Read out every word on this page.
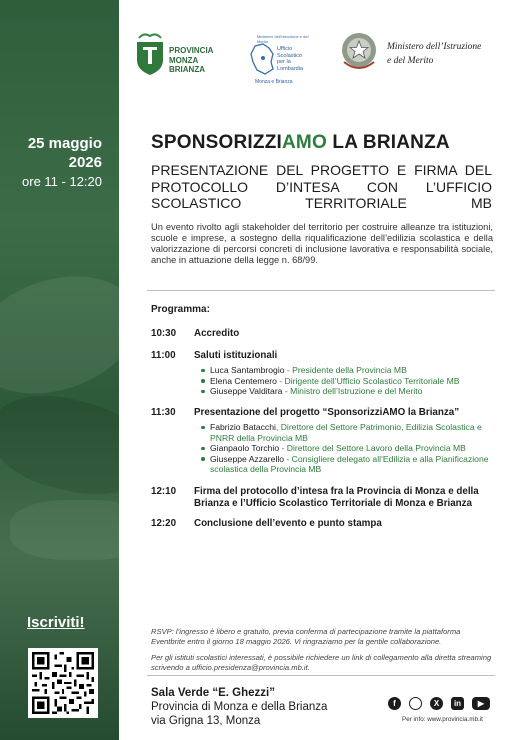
25 maggio
2026
ore 11 - 12:20
Iscriviti!
PROVINCIA
MONZA
BRIANZA
Ministero dell'Istruzione e del Merito
Ufficio
Scolastico
per la
Lombardia
Monza e Brianza
Ministero dell’Istruzione
e del Merito
SPONSORIZZIAMO LA BRIANZA
PRESENTAZIONE DEL PROGETTO E FIRMA DEL
PROTOCOLLO D’INTESA CON L’UFFICIO
SCOLASTICO TERRITORIALE MB
Un evento rivolto agli stakeholder del territorio per costruire alleanze tra istituzioni, scuole e imprese, a sostegno della riqualificazione dell’edilizia scolastica e della valorizzazione di percorsi concreti di inclusione lavorativa e responsabilità sociale, anche in attuazione della legge n. 68/99.
Programma:
10:30 Accredito
11:00 Saluti istituzionali
Luca Santambrogio - Presidente della Provincia MB
Elena Centemero - Dirigente dell’Ufficio Scolastico Territoriale MB
Giuseppe Valditara - Ministro dell’Istruzione e del Merito
11:30 Presentazione del progetto “SponsorizziAMO la Brianza”
Fabrizio Batacchi, Direttore del Settore Patrimonio, Edilizia Scolastica e PNRR della Provincia MB
Gianpaolo Torchio - Direttore del Settore Lavoro della Provincia MB
Giuseppe Azzarello - Consigliere delegato all’Edilizia e alla Pianificazione scolastica della Provincia MB
12:10 Firma del protocollo d’intesa fra la Provincia di Monza e della Brianza e l’Ufficio Scolastico Territoriale di Monza e Brianza
12:20 Conclusione dell’evento e punto stampa

RSVP: l’ingresso è libero e gratuito, previa conferma di partecipazione tramite la piattaforma Eventbrite entro il giorno 18 maggio 2026. Vi ringraziamo per la gentile collaborazione.

Per gli istituti scolastici interessati, è possibile richiedere un link di collegamento alla diretta streaming scrivendo a ufficio.presidenza@provincia.mb.it.

Sala Verde “E. Ghezzi”
Provincia di Monza e della Brianza
via Grigna 13, Monza
f	X	in	▶
Per info: www.provincia.mb.it
